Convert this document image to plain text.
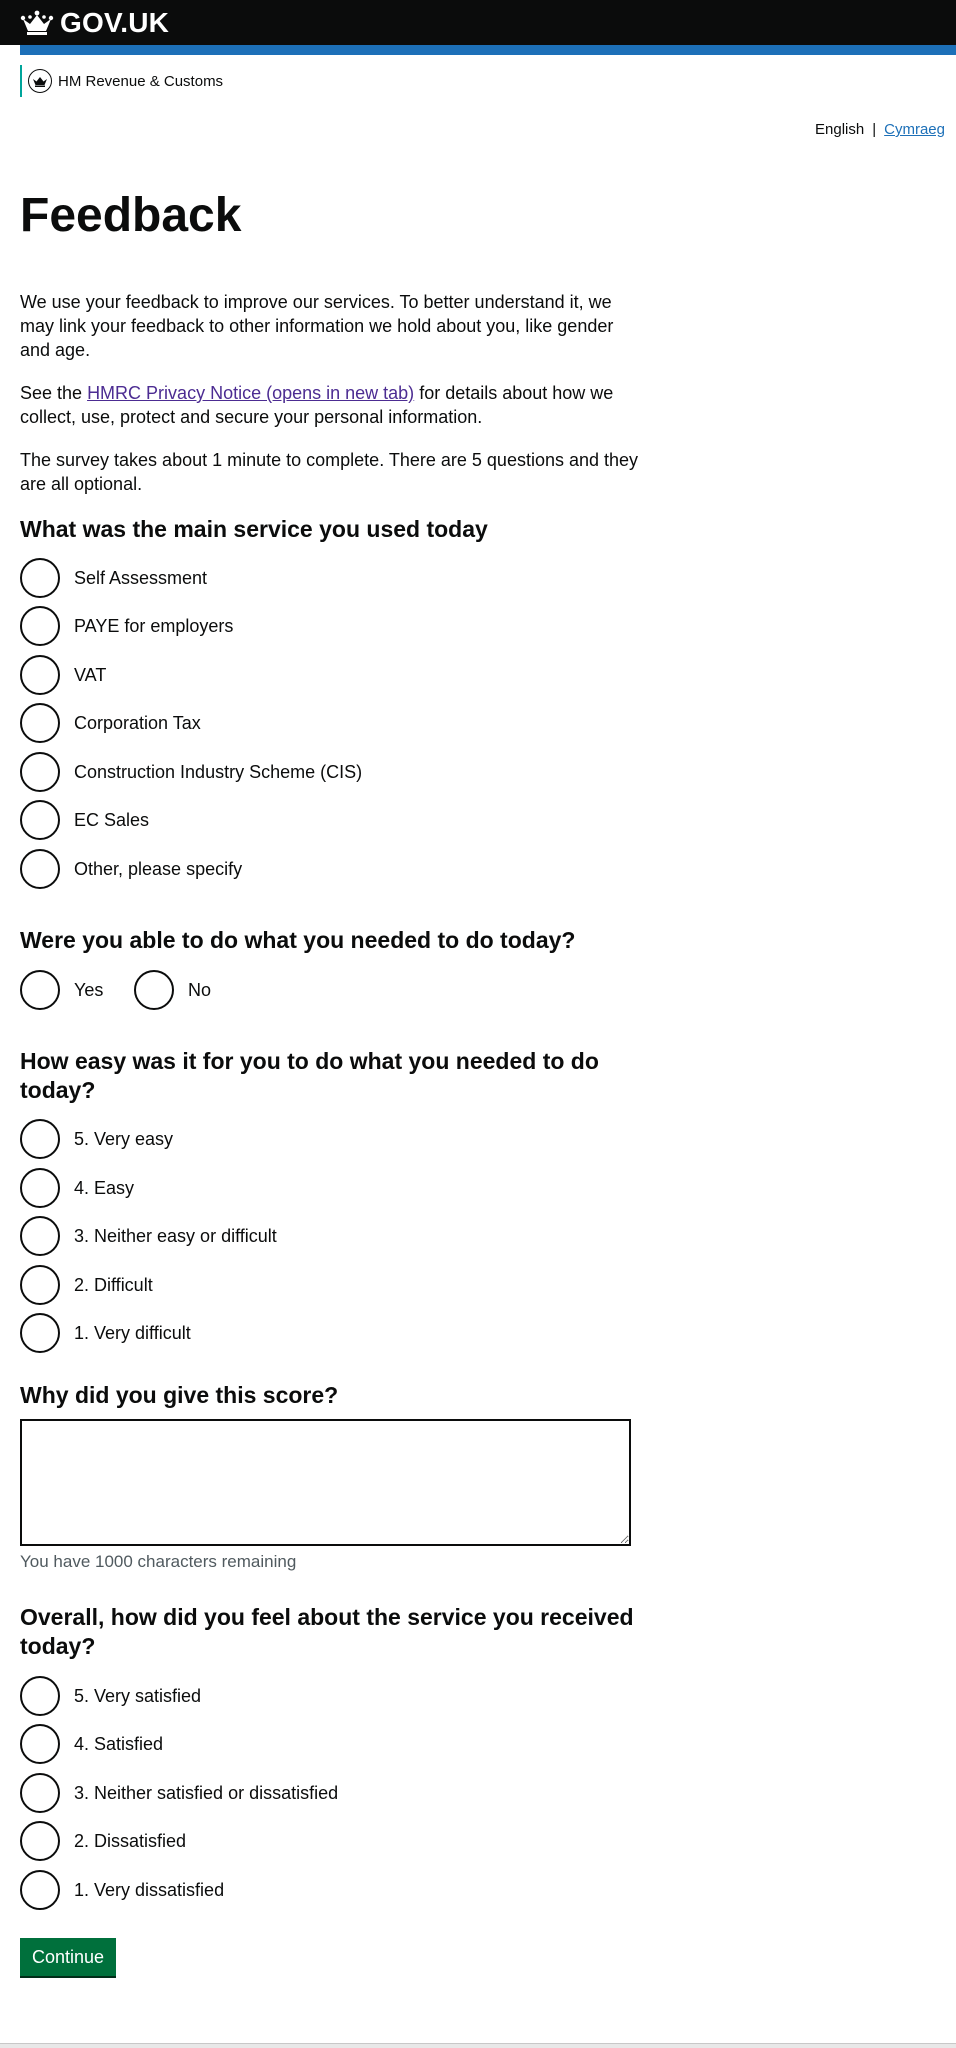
GOV.UK
HM Revenue & Customs
English | Cymraeg
Feedback

We use your feedback to improve our services. To better understand it, we may link your feedback to other information we hold about you, like gender and age.

See the HMRC Privacy Notice (opens in new tab) for details about how we collect, use, protect and secure your personal information.

The survey takes about 1 minute to complete. There are 5 questions and they are all optional.

What was the main service you used today
Self Assessment
PAYE for employers
VAT
Corporation Tax
Construction Industry Scheme (CIS)
EC Sales
Other, please specify
Were you able to do what you needed to do today?
Yes	No
How easy was it for you to do what you needed to do today?
5. Very easy
4. Easy
3. Neither easy or difficult
2. Difficult
1. Very difficult
Why did you give this score?
You have 1000 characters remaining
Overall, how did you feel about the service you received today?
5. Very satisfied
4. Satisfied
3. Neither satisfied or dissatisfied
2. Dissatisfied
1. Very dissatisfied
Continue
